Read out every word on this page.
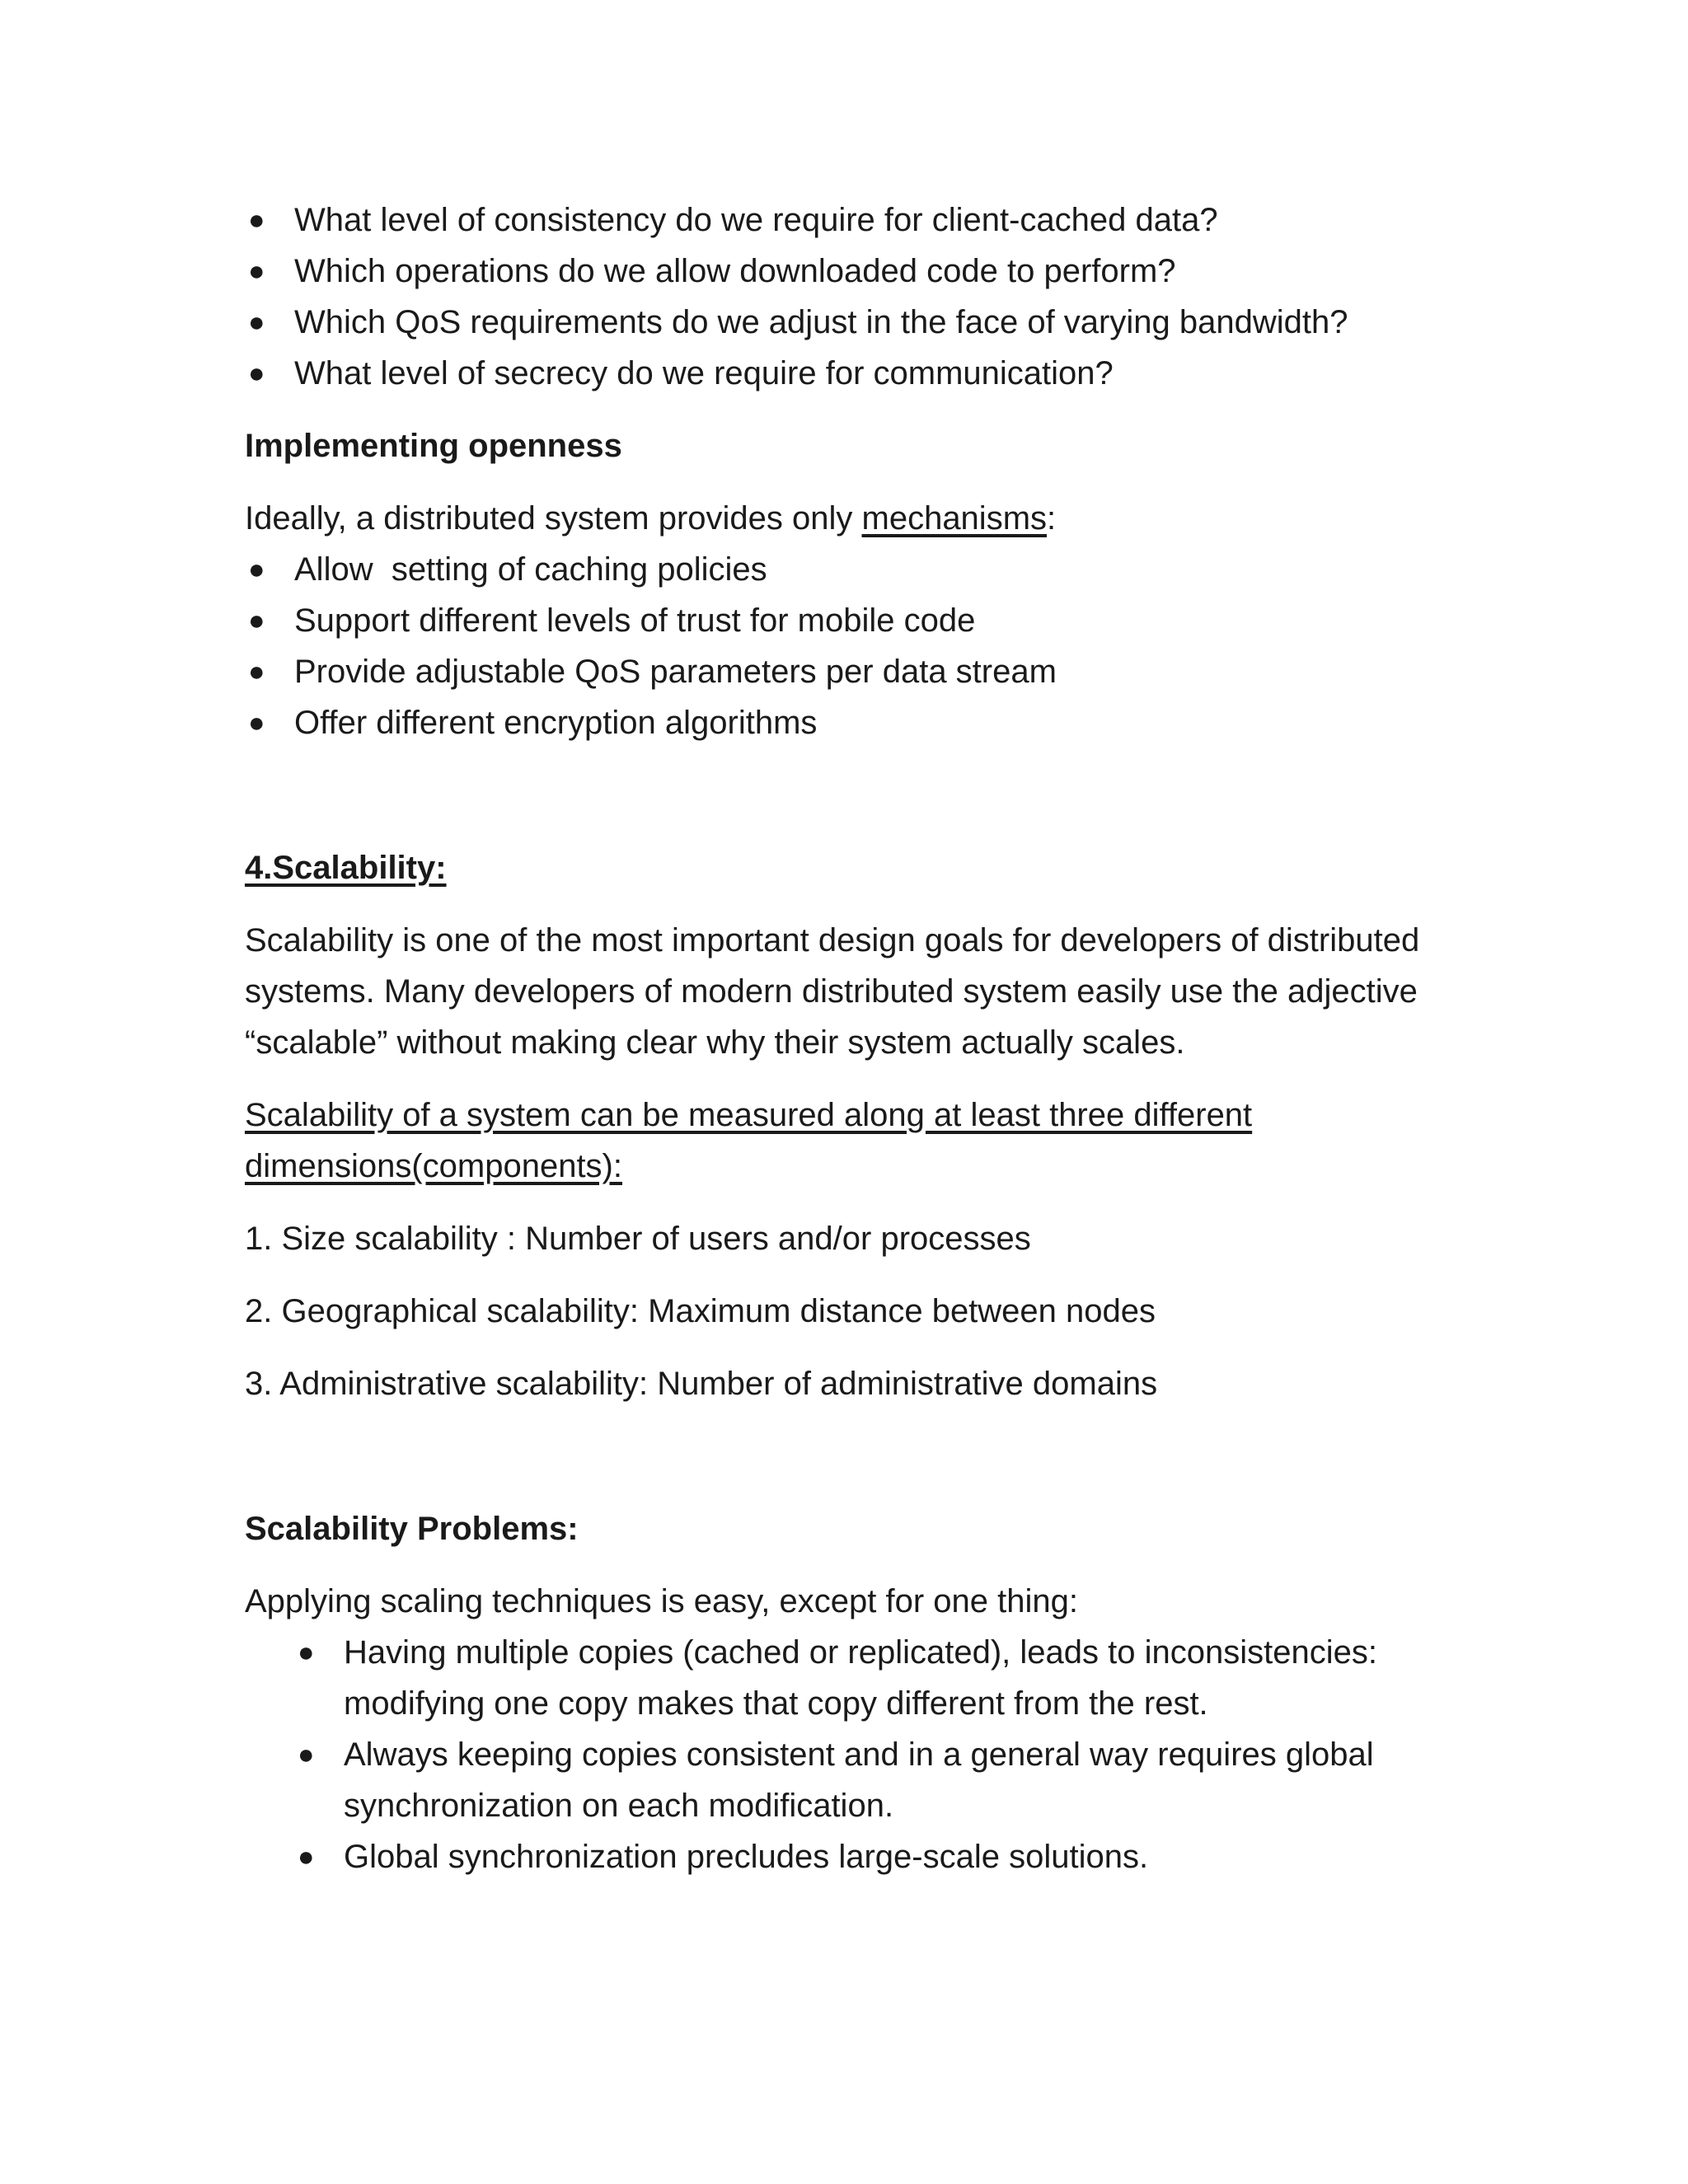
● What level of consistency do we require for client-cached data?
● Which operations do we allow downloaded code to perform?
● Which QoS requirements do we adjust in the face of varying bandwidth?
● What level of secrecy do we require for communication?

Implementing openness

Ideally, a distributed system provides only mechanisms:

● Allow  setting of caching policies
● Support different levels of trust for mobile code
● Provide adjustable QoS parameters per data stream
● Offer different encryption algorithms

4.Scalability:

Scalability is one of the most important design goals for developers of distributed systems. Many developers of modern distributed system easily use the adjective “scalable” without making clear why their system actually scales.

Scalability of a system can be measured along at least three different dimensions(components):

1. Size scalability : Number of users and/or processes

2. Geographical scalability: Maximum distance between nodes

3. Administrative scalability: Number of administrative domains

Scalability Problems:

Applying scaling techniques is easy, except for one thing:

● Having multiple copies (cached or replicated), leads to inconsistencies: modifying one copy makes that copy different from the rest.
● Always keeping copies consistent and in a general way requires global synchronization on each modification.
● Global synchronization precludes large-scale solutions.
